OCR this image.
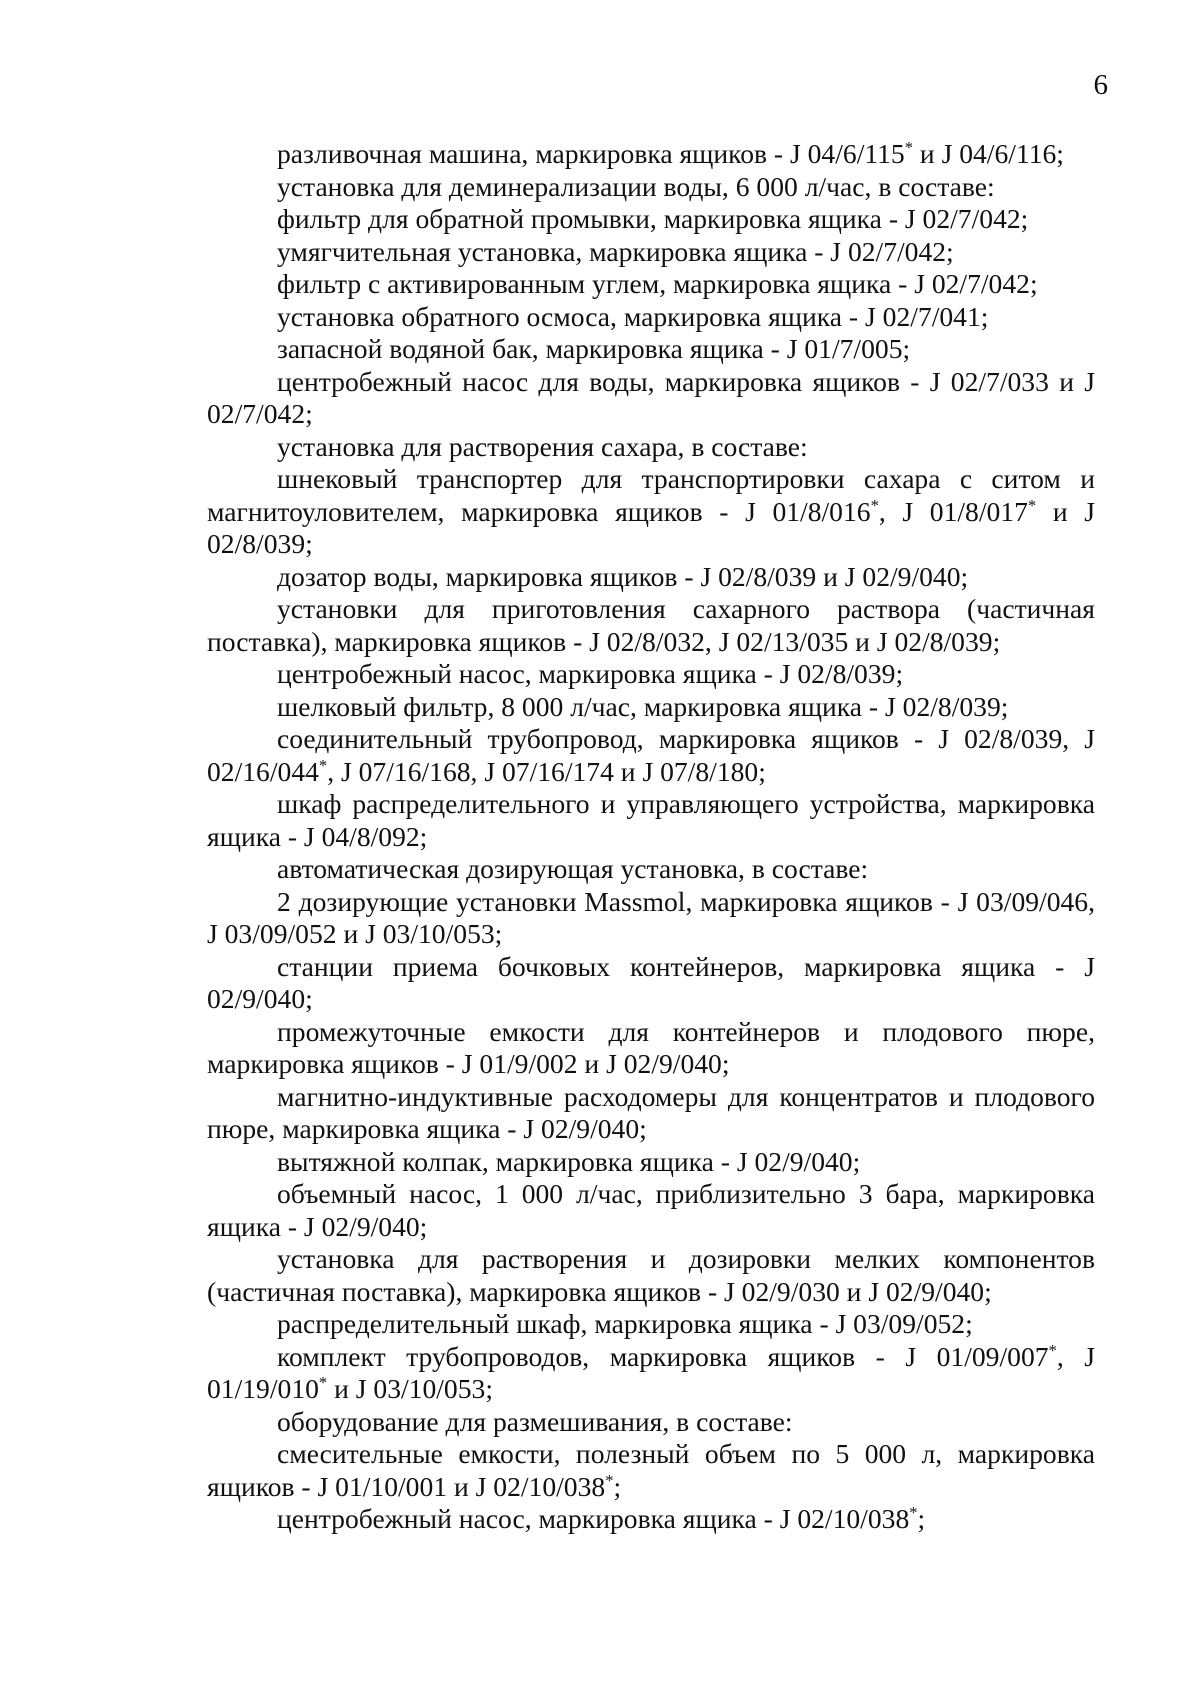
6

разливочная машина, маркировка ящиков - J 04/6/115* и J 04/6/116;

установка для деминерализации воды, 6 000 л/час, в составе:

фильтр для обратной промывки, маркировка ящика - J 02/7/042;

умягчительная установка, маркировка ящика - J 02/7/042;

фильтр с активированным углем, маркировка ящика - J 02/7/042;

установка обратного осмоса, маркировка ящика - J 02/7/041;

запасной водяной бак, маркировка ящика - J 01/7/005;

центробежный насос для воды, маркировка ящиков - J 02/7/033 и J 02/7/042;

установка для растворения сахара, в составе:

шнековый транспортер для транспортировки сахара с ситом и магнитоуловителем, маркировка ящиков - J 01/8/016*, J 01/8/017* и J 02/8/039;

дозатор воды, маркировка ящиков - J 02/8/039 и J 02/9/040;

установки для приготовления сахарного раствора (частичная поставка), маркировка ящиков - J 02/8/032, J 02/13/035 и J 02/8/039;

центробежный насос, маркировка ящика - J 02/8/039;

шелковый фильтр, 8 000 л/час, маркировка ящика - J 02/8/039;

соединительный трубопровод, маркировка ящиков - J 02/8/039, J 02/16/044*, J 07/16/168, J 07/16/174 и J 07/8/180;

шкаф распределительного и управляющего устройства, маркировка ящика - J 04/8/092;

автоматическая дозирующая установка, в составе:

2 дозирующие установки Massmol, маркировка ящиков - J 03/09/046, J 03/09/052 и J 03/10/053;

станции приема бочковых контейнеров, маркировка ящика - J 02/9/040;

промежуточные емкости для контейнеров и плодового пюре, маркировка ящиков - J 01/9/002 и J 02/9/040;

магнитно-индуктивные расходомеры для концентратов и плодового пюре, маркировка ящика - J 02/9/040;

вытяжной колпак, маркировка ящика - J 02/9/040;

объемный насос, 1 000 л/час, приблизительно 3 бара, маркировка ящика - J 02/9/040;

установка для растворения и дозировки мелких компонентов (частичная поставка), маркировка ящиков - J 02/9/030 и J 02/9/040;

распределительный шкаф, маркировка ящика - J 03/09/052;

комплект трубопроводов, маркировка ящиков - J 01/09/007*, J 01/19/010* и J 03/10/053;

оборудование для размешивания, в составе:

смесительные емкости, полезный объем по 5 000 л, маркировка ящиков - J 01/10/001 и J 02/10/038*;

центробежный насос, маркировка ящика - J 02/10/038*;
